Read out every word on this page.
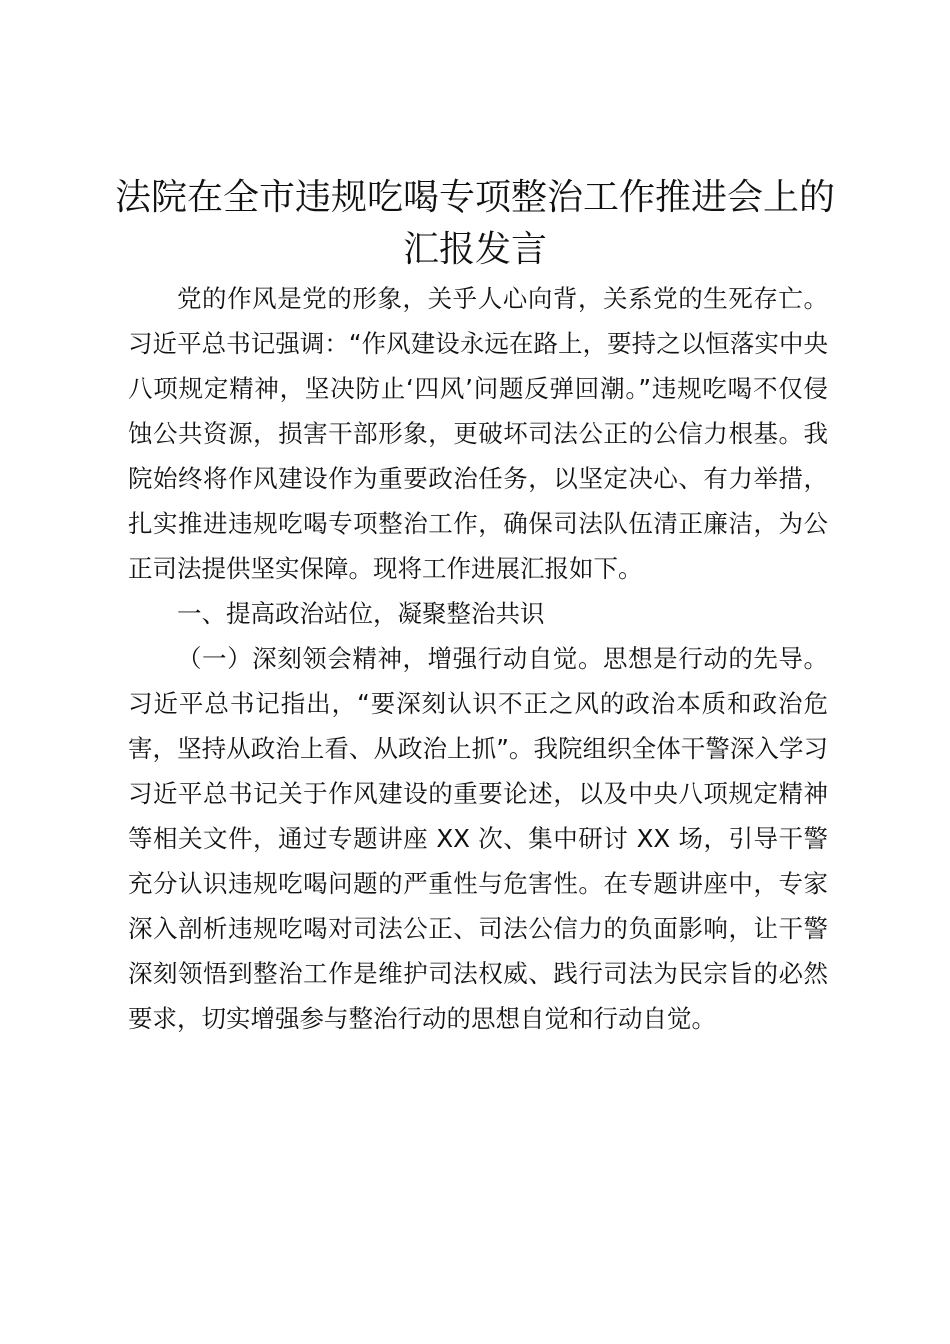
法院在全市违规吃喝专项整治工作推进会上的汇报发言

党的作风是党的形象，关乎人心向背，关系党的生死存亡。习近平总书记强调：“作风建设永远在路上，要持之以恒落实中央八项规定精神，坚决防止‘四风’问题反弹回潮。”违规吃喝不仅侵蚀公共资源，损害干部形象，更破坏司法公正的公信力根基。我院始终将作风建设作为重要政治任务，以坚定决心、有力举措，扎实推进违规吃喝专项整治工作，确保司法队伍清正廉洁，为公正司法提供坚实保障。现将工作进展汇报如下。

一、提高政治站位，凝聚整治共识

（一）深刻领会精神，增强行动自觉。思想是行动的先导。习近平总书记指出，“要深刻认识不正之风的政治本质和政治危害，坚持从政治上看、从政治上抓”。我院组织全体干警深入学习习近平总书记关于作风建设的重要论述，以及中央八项规定精神等相关文件，通过专题讲座 XX 次、集中研讨 XX 场，引导干警充分认识违规吃喝问题的严重性与危害性。在专题讲座中，专家深入剖析违规吃喝对司法公正、司法公信力的负面影响，让干警深刻领悟到整治工作是维护司法权威、践行司法为民宗旨的必然要求，切实增强参与整治行动的思想自觉和行动自觉。
